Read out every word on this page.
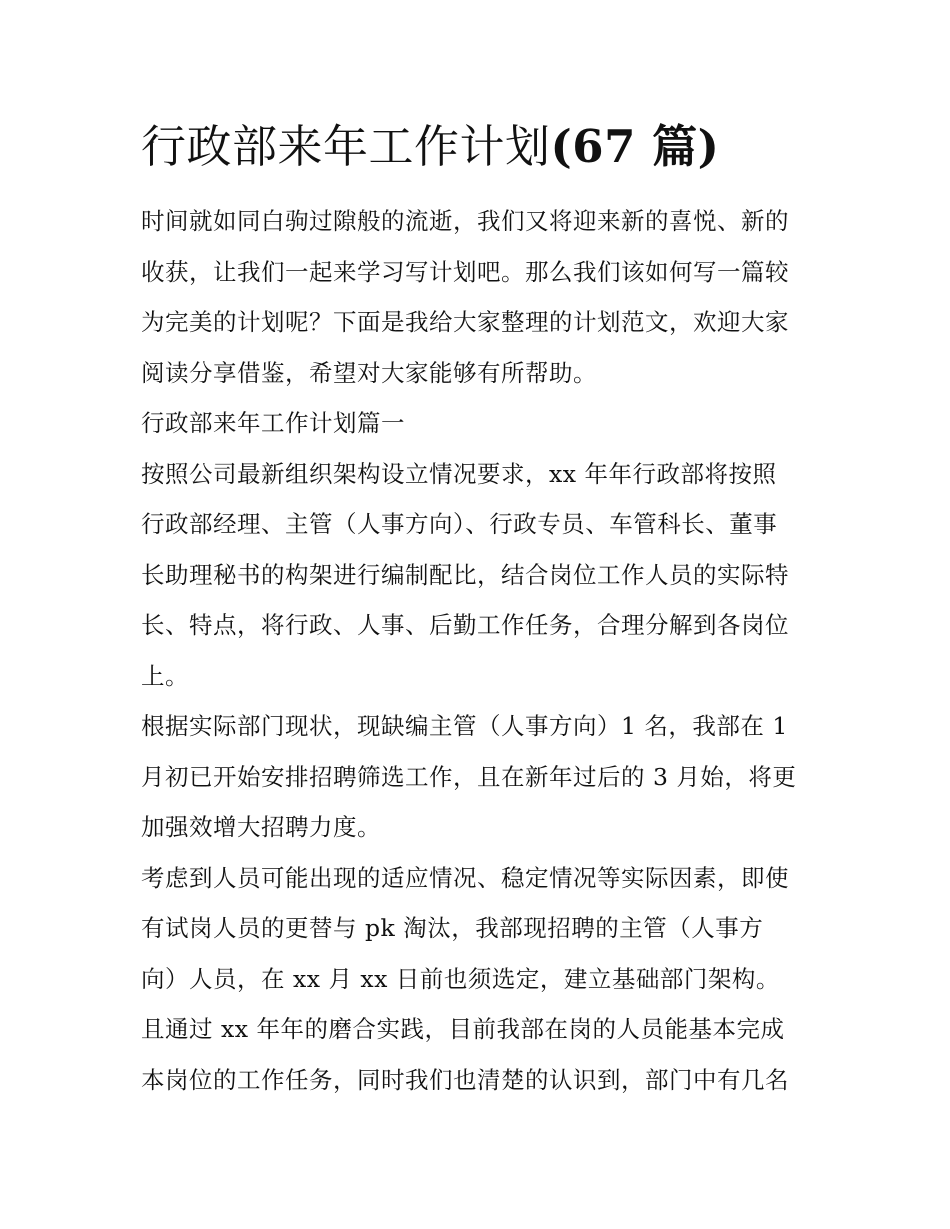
行政部来年工作计划(67 篇)

时间就如同白驹过隙般的流逝，我们又将迎来新的喜悦、新的
收获，让我们一起来学习写计划吧。那么我们该如何写一篇较
为完美的计划呢？下面是我给大家整理的计划范文，欢迎大家
阅读分享借鉴，希望对大家能够有所帮助。

行政部来年工作计划篇一

按照公司最新组织架构设立情况要求，xx 年年行政部将按照
行政部经理、主管（人事方向）、行政专员、车管科长、董事
长助理秘书的构架进行编制配比，结合岗位工作人员的实际特
长、特点，将行政、人事、后勤工作任务，合理分解到各岗位
上。

根据实际部门现状，现缺编主管（人事方向）1 名，我部在 1
月初已开始安排招聘筛选工作，且在新年过后的 3 月始，将更
加强效增大招聘力度。

考虑到人员可能出现的适应情况、稳定情况等实际因素，即使
有试岗人员的更替与 pk 淘汰，我部现招聘的主管（人事方
向）人员，在 xx 月 xx 日前也须选定，建立基础部门架构。

且通过 xx 年年的磨合实践，目前我部在岗的人员能基本完成
本岗位的工作任务，同时我们也清楚的认识到，部门中有几名
